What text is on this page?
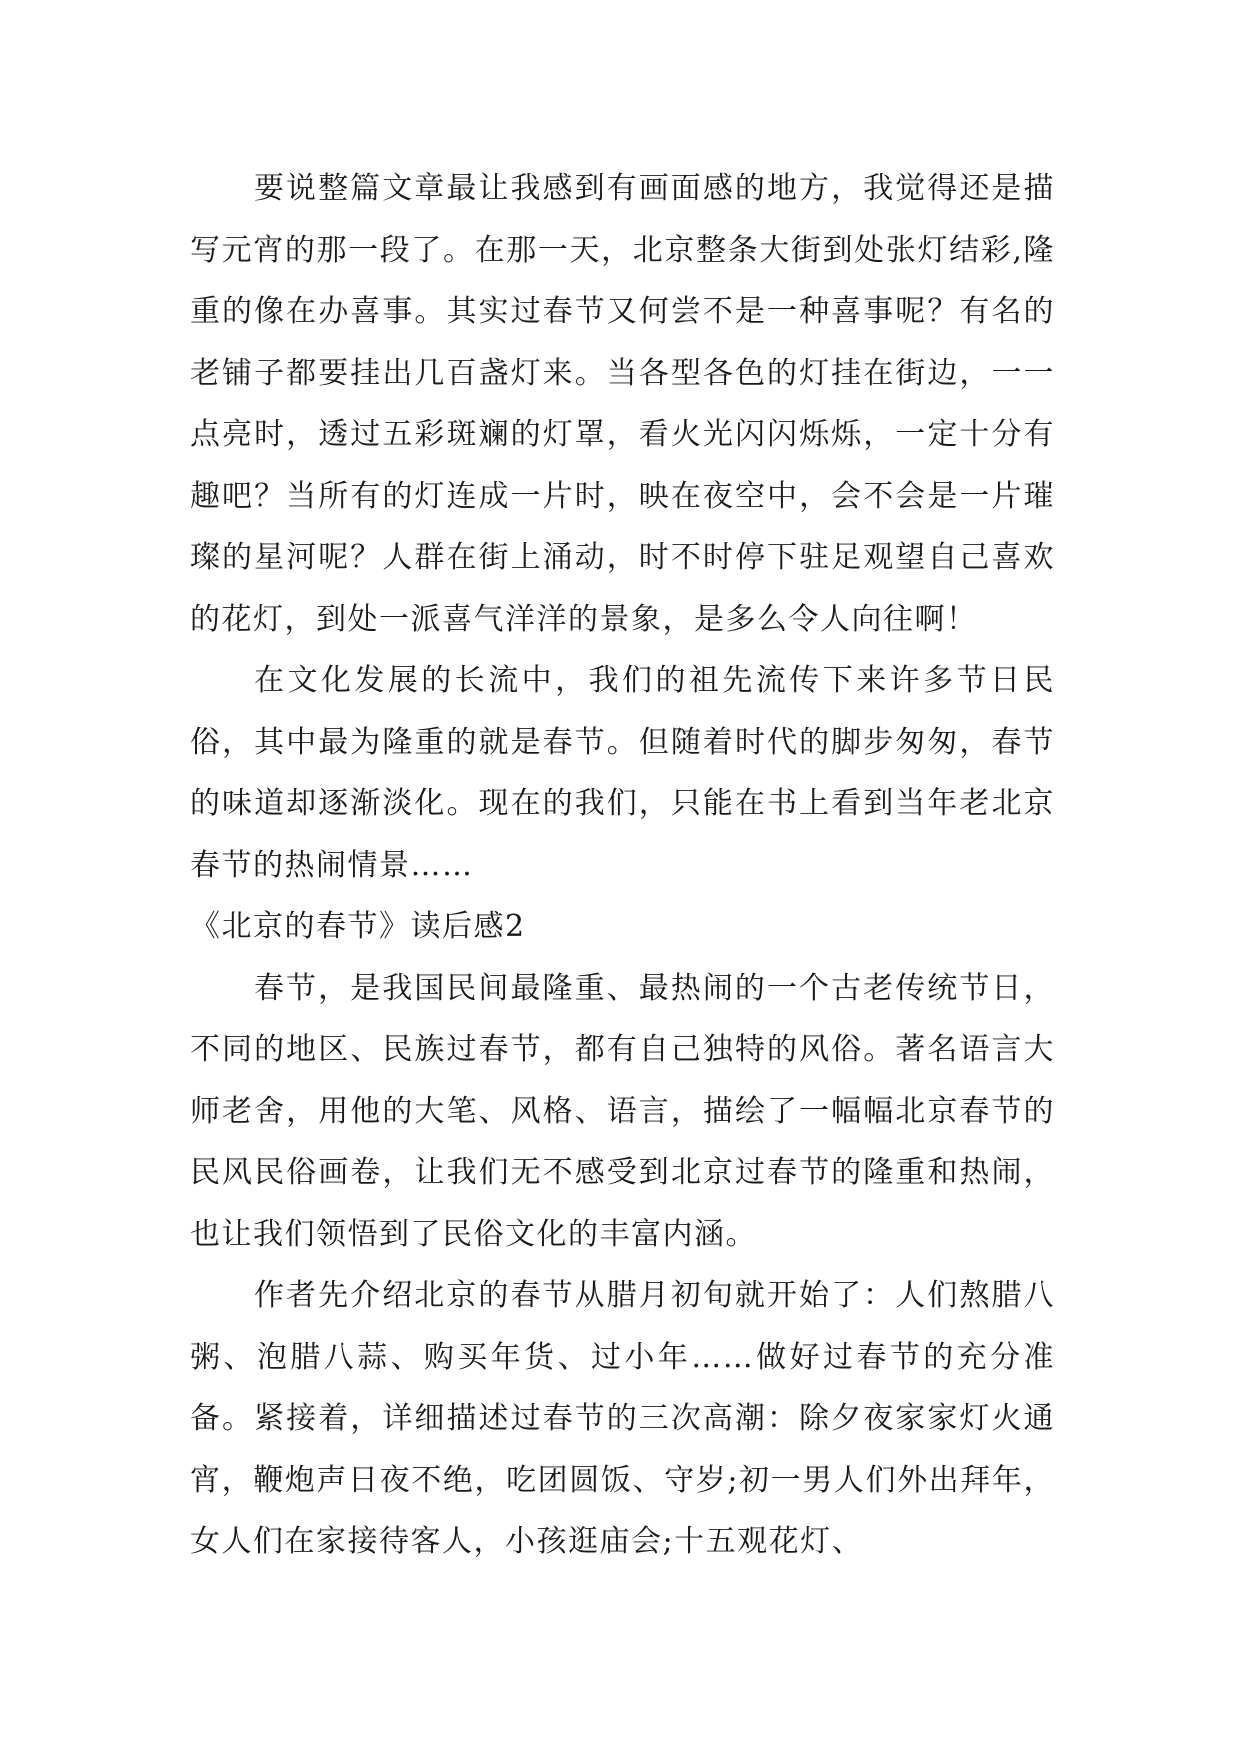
要说整篇文章最让我感到有画面感的地方，我觉得还是描写元宵的那一段了。在那一天，北京整条大街到处张灯结彩,隆重的像在办喜事。其实过春节又何尝不是一种喜事呢？有名的老铺子都要挂出几百盏灯来。当各型各色的灯挂在街边，一一点亮时，透过五彩斑斓的灯罩，看火光闪闪烁烁，一定十分有趣吧？当所有的灯连成一片时，映在夜空中，会不会是一片璀璨的星河呢？人群在街上涌动，时不时停下驻足观望自己喜欢的花灯，到处一派喜气洋洋的景象，是多么令人向往啊！

在文化发展的长流中，我们的祖先流传下来许多节日民俗，其中最为隆重的就是春节。但随着时代的脚步匆匆，春节的味道却逐渐淡化。现在的我们，只能在书上看到当年老北京春节的热闹情景……

《北京的春节》读后感2

春节，是我国民间最隆重、最热闹的一个古老传统节日，不同的地区、民族过春节，都有自己独特的风俗。著名语言大师老舍，用他的大笔、风格、语言，描绘了一幅幅北京春节的民风民俗画卷，让我们无不感受到北京过春节的隆重和热闹，也让我们领悟到了民俗文化的丰富内涵。

作者先介绍北京的春节从腊月初旬就开始了：人们熬腊八粥、泡腊八蒜、购买年货、过小年……做好过春节的充分准备。紧接着，详细描述过春节的三次高潮：除夕夜家家灯火通宵，鞭炮声日夜不绝，吃团圆饭、守岁;初一男人们外出拜年，女人们在家接待客人，小孩逛庙会;十五观花灯、
